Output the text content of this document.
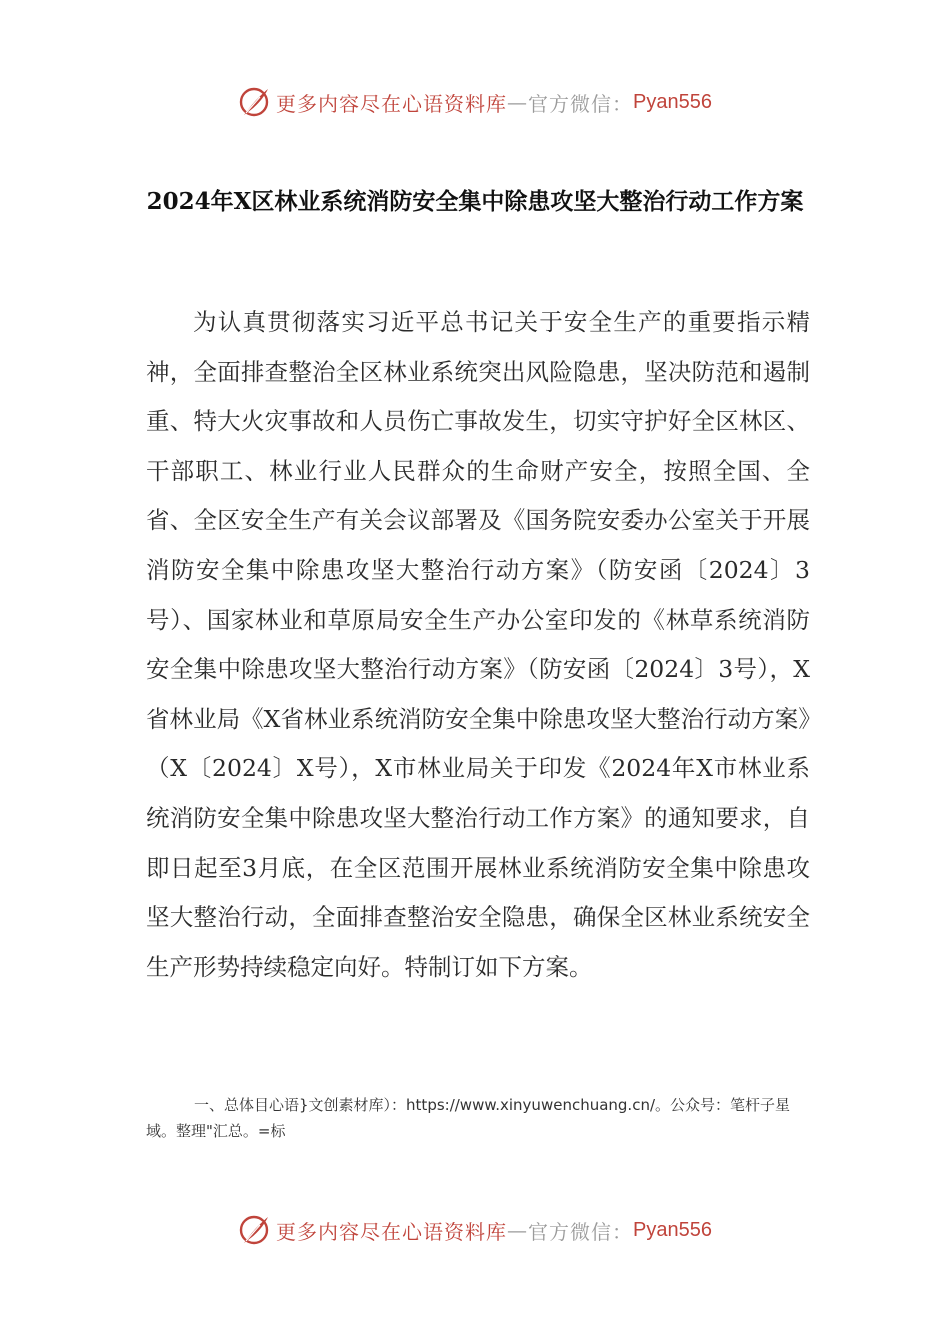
更多内容尽在心语资料库 — 官方微信： Pyan556
2024年X区林业系统消防安全集中除患攻坚大整治行动工作方案

为认真贯彻落实习近平总书记关于安全生产的重要指示精神，全面排查整治全区林业系统突出风险隐患，坚决防范和遏制重、特大火灾事故和人员伤亡事故发生，切实守护好全区林区、干部职工、林业行业人民群众的生命财产安全，按照全国、全省、全区安全生产有关会议部署及《国务院安委办公室关于开展消防安全集中除患攻坚大整治行动方案》（防安函〔2024〕3号）、国家林业和草原局安全生产办公室印发的《林草系统消防安全集中除患攻坚大整治行动方案》（防安函〔2024〕3号），X省林业局《X省林业系统消防安全集中除患攻坚大整治行动方案》（X〔2024〕X号），X市林业局关于印发《2024年X市林业系统消防安全集中除患攻坚大整治行动工作方案》的通知要求，自即日起至3月底，在全区范围开展林业系统消防安全集中除患攻坚大整治行动，全面排查整治安全隐患，确保全区林业系统安全生产形势持续稳定向好。特制订如下方案。

一、总体目心语}文创素材库）：https://www.xinyuwenchuang.cn/。公众号：笔杆子星域。整理"汇总。=标

更多内容尽在心语资料库 — 官方微信： Pyan556
